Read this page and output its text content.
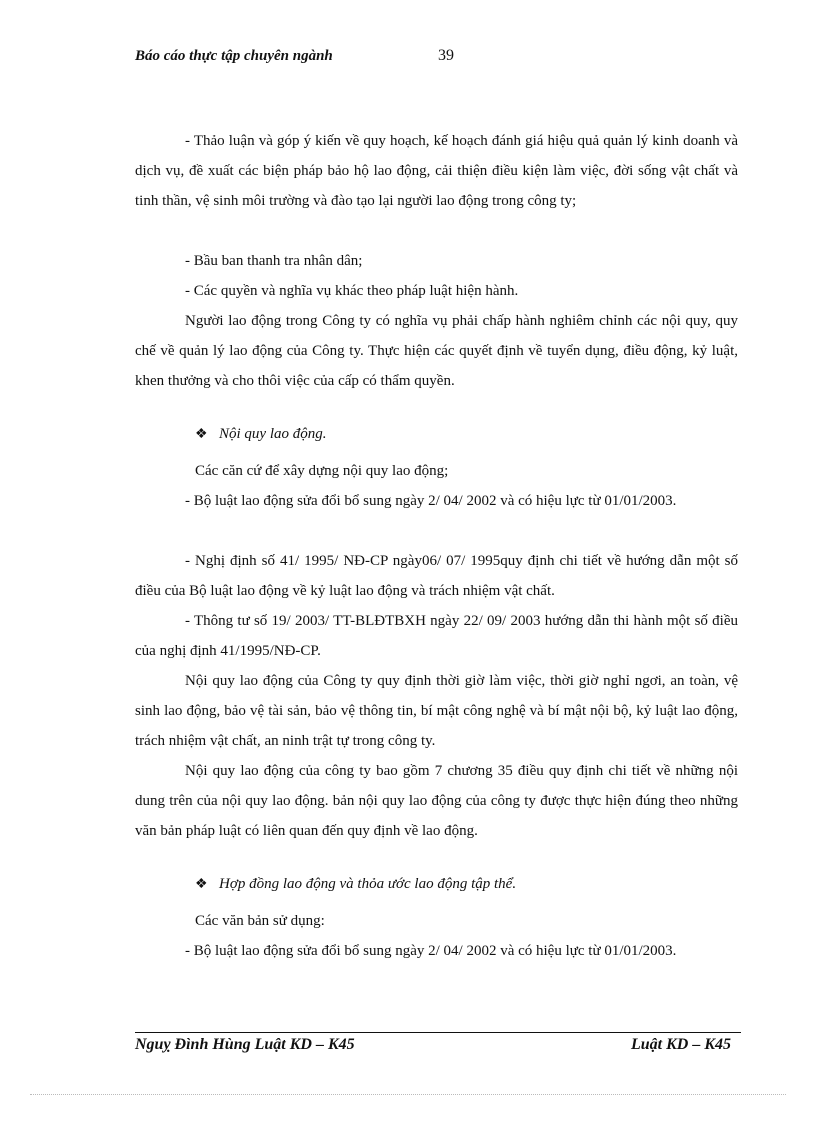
Báo cáo thực tập chuyên ngành	39

- Thảo luận và góp ý kiến về quy hoạch, kế hoạch đánh giá hiệu quả quản lý kinh doanh và dịch vụ, đề xuất các biện pháp bảo hộ lao động, cải thiện điều kiện làm việc, đời sống vật chất và tinh thần, vệ sinh môi trường và đào tạo lại người lao động trong công ty;

- Bầu ban thanh tra nhân dân;

- Các quyền và nghĩa vụ khác theo pháp luật hiện hành.

Người lao động trong Công ty có nghĩa vụ phải chấp hành nghiêm chỉnh các nội quy, quy chế về quản lý lao động của Công ty. Thực hiện các quyết định về tuyển dụng, điều động, kỷ luật, khen thưởng và cho thôi việc của cấp có thẩm quyền.

❖ Nội quy lao động.

Các căn cứ để xây dựng nội quy lao động;

- Bộ luật lao động sửa đổi bổ sung ngày 2/ 04/ 2002 và có hiệu lực từ 01/01/2003.

- Nghị định số 41/ 1995/ NĐ-CP ngày06/ 07/ 1995quy định chi tiết về hướng dẫn một số điều của Bộ luật lao động về kỷ luật lao động và trách nhiệm vật chất.

- Thông tư số 19/ 2003/ TT-BLĐTBXH ngày 22/ 09/ 2003 hướng dẫn thi hành một số điều của nghị định 41/1995/NĐ-CP.

Nội quy lao động của Công ty quy định thời giờ làm việc, thời giờ nghỉ ngơi, an toàn, vệ sinh lao động, bảo vệ tài sản, bảo vệ thông tin, bí mật công nghệ và bí mật nội bộ, kỷ luật lao động, trách nhiệm vật chất, an ninh trật tự trong công ty.

Nội quy lao động của công ty bao gồm 7 chương 35 điều quy định chi tiết về những nội dung trên của nội quy lao động. bản nội quy lao động của công ty được thực hiện đúng theo những văn bản pháp luật có liên quan đến quy định về lao động.

❖ Hợp đồng lao động và thỏa ước lao động tập thể.

Các văn bản sử dụng:

- Bộ luật lao động sửa đổi bổ sung ngày 2/ 04/ 2002 và có hiệu lực từ 01/01/2003.

Nguỵ Đình Hùng Luật KD – K45	Luật KD – K45
